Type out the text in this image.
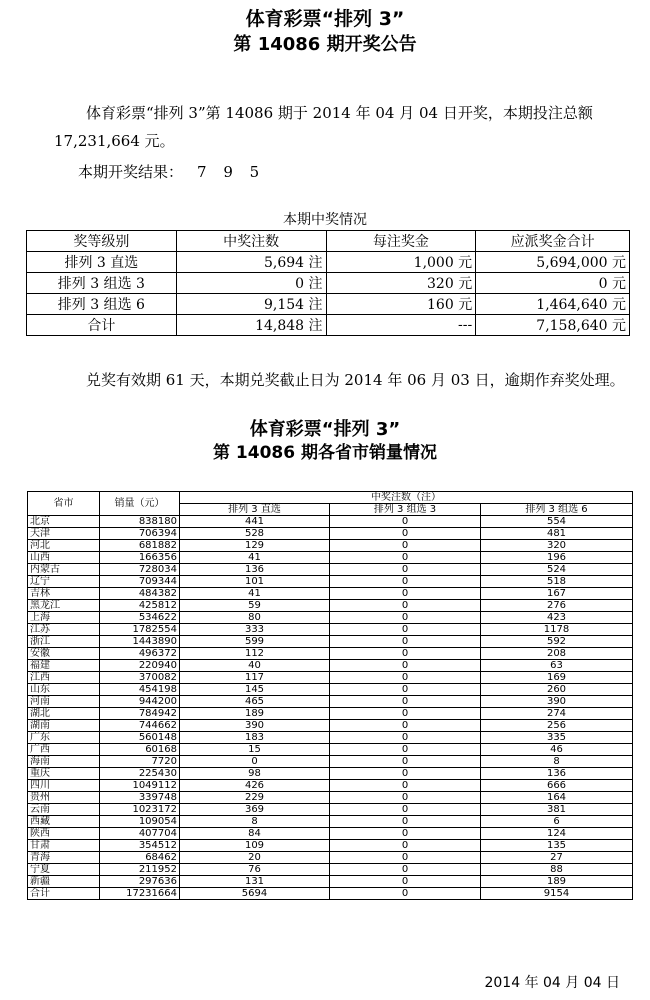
体育彩票“排列 3”
第 14086 期开奖公告
体育彩票“排列 3”第 14086 期于 2014 年 04 月 04 日开奖，本期投注总额 17,231,664 元。
本期开奖结果： 7 9 5
本期中奖情况
奖等级别	中奖注数	每注奖金	应派奖金合计
排列 3 直选	5,694 注	1,000 元	5,694,000 元
排列 3 组选 3	0 注	320 元	0 元
排列 3 组选 6	9,154 注	160 元	1,464,640 元
合计	14,848 注	---	7,158,640 元
兑奖有效期 61 天，本期兑奖截止日为 2014 年 06 月 03 日，逾期作弃奖处理。
体育彩票“排列 3”
第 14086 期各省市销量情况
省市	销量（元）	中奖注数（注）		
		排列 3 直选	排列 3 组选 3	排列 3 组选 6
北京	838180	441	0	554
天津	706394	528	0	481
河北	681882	129	0	320
山西	166356	41	0	196
内蒙古	728034	136	0	524
辽宁	709344	101	0	518
吉林	484382	41	0	167
黑龙江	425812	59	0	276
上海	534622	80	0	423
江苏	1782554	333	0	1178
浙江	1443890	599	0	592
安徽	496372	112	0	208
福建	220940	40	0	63
江西	370082	117	0	169
山东	454198	145	0	260
河南	944200	465	0	390
湖北	784942	189	0	274
湖南	744662	390	0	256
广东	560148	183	0	335
广西	60168	15	0	46
海南	7720	0	0	8
重庆	225430	98	0	136
四川	1049112	426	0	666
贵州	339748	229	0	164
云南	1023172	369	0	381
西藏	109054	8	0	6
陕西	407704	84	0	124
甘肃	354512	109	0	135
青海	68462	20	0	27
宁夏	211952	76	0	88
新疆	297636	131	0	189
合计	17231664	5694	0	9154
2014 年 04 月 04 日
